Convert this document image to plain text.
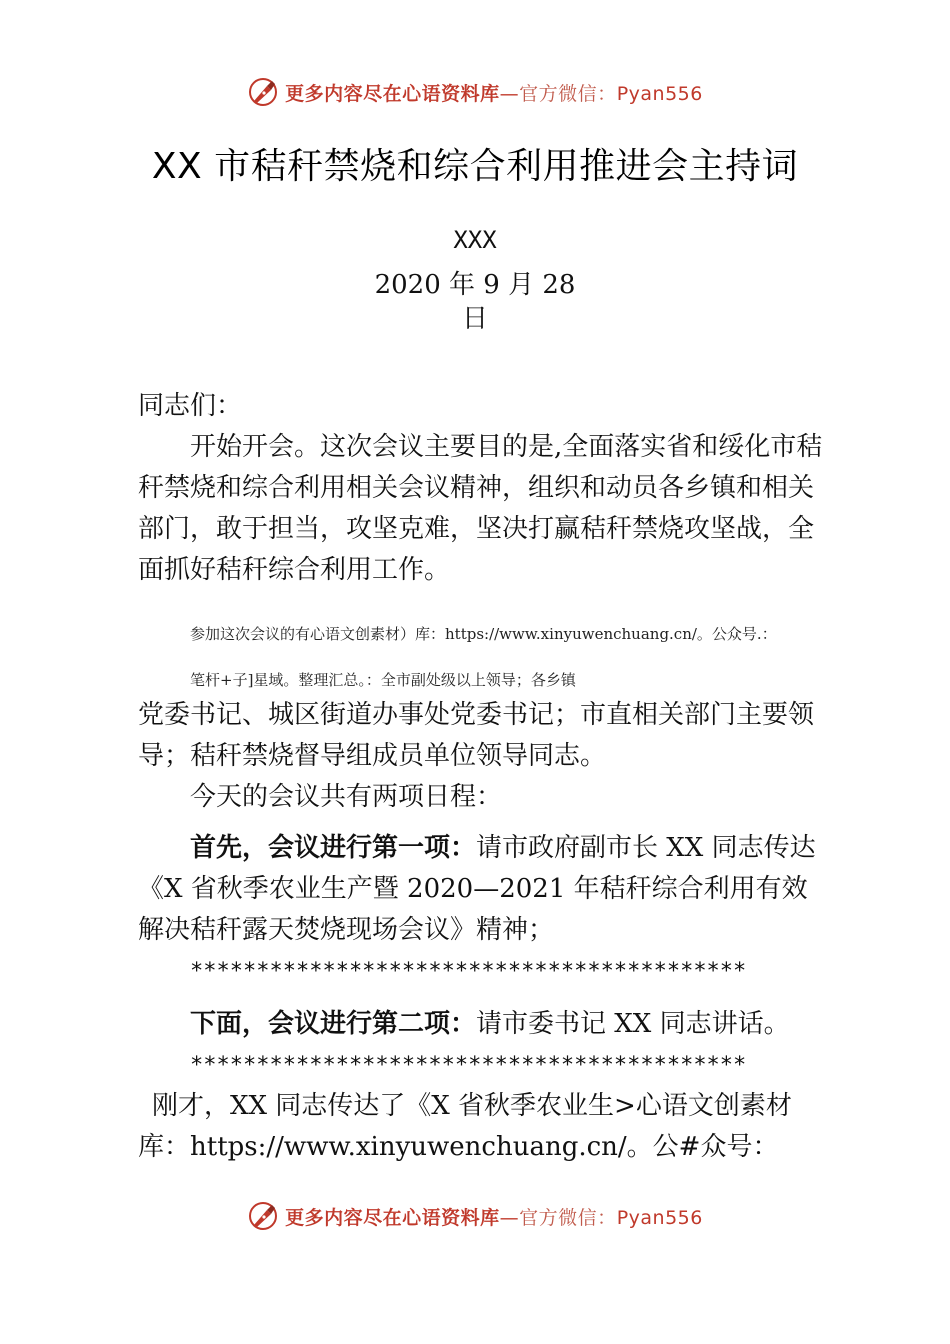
更多内容尽在心语资料库—官方微信：Pyan556
XX 市秸秆禁烧和综合利用推进会主持词
XXX
2020 年 9 月 28
日

同志们：

开始开会。这次会议主要目的是,全面落实省和绥化市秸秆禁烧和综合利用相关会议精神，组织和动员各乡镇和相关部门，敢于担当，攻坚克难，坚决打赢秸秆禁烧攻坚战，全面抓好秸秆综合利用工作。

参加这次会议的有心语文创素材）库：https://www.xinyuwenchuang.cn/。公众号.：

笔杆+子]星域。整理汇总。：全市副处级以上领导；各乡镇

党委书记、城区街道办事处党委书记；市直相关部门主要领导；秸秆禁烧督导组成员单位领导同志。

今天的会议共有两项日程：

首先，会议进行第一项：请市政府副市长 XX 同志传达《X 省秋季农业生产暨 2020—2021 年秸秆综合利用有效解决秸秆露天焚烧现场会议》精神；

******************************************

下面，会议进行第二项：请市委书记 XX 同志讲话。

******************************************

刚才，XX 同志传达了《X 省秋季农业生>心语文创素材库：https://www.xinyuwenchuang.cn/。公#众号：

更多内容尽在心语资料库—官方微信：Pyan556
